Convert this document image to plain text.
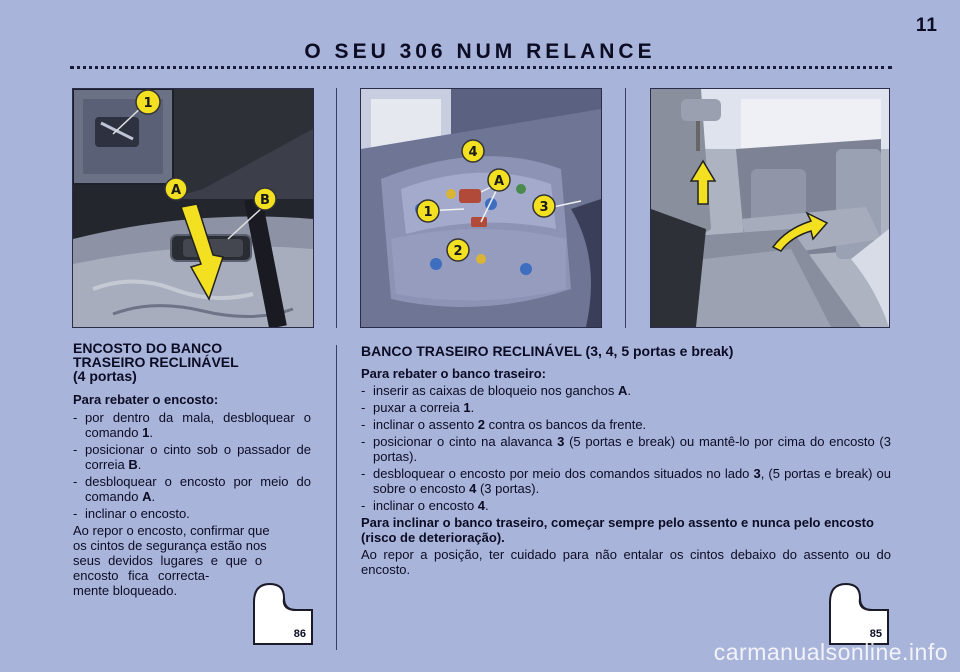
11
O SEU 306 NUM RELANCE
1
A
B
4
A
1	3
2
ENCOSTO DO BANCO
TRASEIRO RECLINÁVEL
(4 portas)
Para rebater o encosto:
- por dentro da mala, desbloquear o comando 1.
- posicionar o cinto sob o passador de correia B.
- desbloquear o encosto por meio do comando A.
- inclinar o encosto.
Ao repor o encosto, confirmar que
os cintos de segurança estão nos
seus devidos lugares e que o
encosto fica correcta-
mente bloqueado.
86
BANCO TRASEIRO RECLINÁVEL (3, 4, 5 portas e break)
Para rebater o banco traseiro:
- inserir as caixas de bloqueio nos ganchos A.
- puxar a correia 1.
- inclinar o assento 2 contra os bancos da frente.
- posicionar o cinto na alavanca 3 (5 portas e break) ou mantê-lo por cima do encosto (3 portas).
- desbloquear o encosto por meio dos comandos situados no lado 3, (5 portas e break) ou sobre o encosto 4 (3 portas).
- inclinar o encosto 4.
Para inclinar o banco traseiro, começar sempre pelo assento e nunca pelo encosto (risco de deterioração).
Ao repor a posição, ter cuidado para não entalar os cintos debaixo do assento ou do encosto.
85
carmanualsonline.info
